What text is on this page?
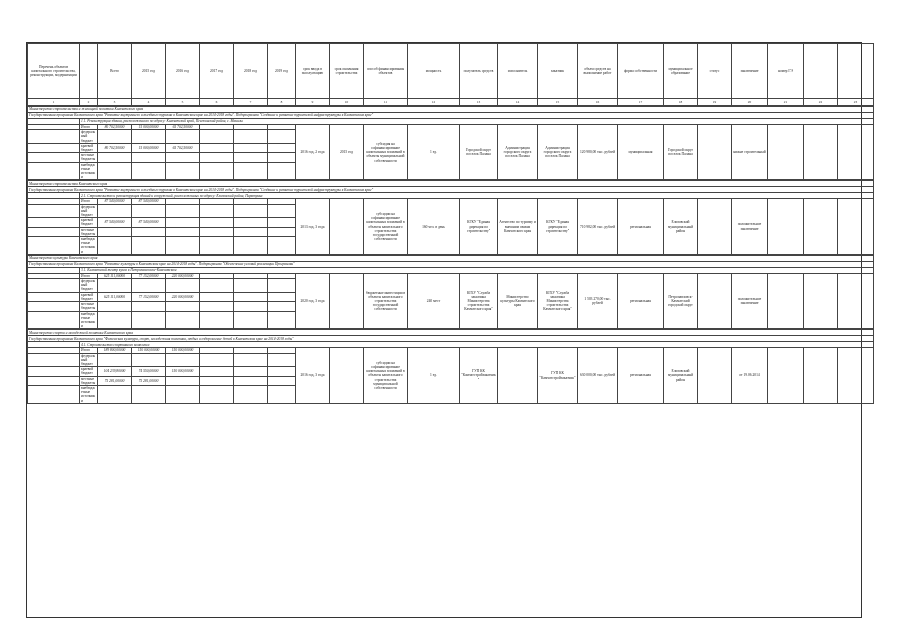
Перечень объектов капитального строительства, реконструкции, модернизации		Всего	2015 год	2016 год	2017 год	2018 год	2019 год	срок ввода в эксплуатацию	срок окончания строительства	способ финансирования объектов	мощность	получатель средств	исполнитель	заказчик	объем средств на выполнение работ	форма собственности	муниципальное образование	статус	заключение	номер ГЭ		
1	2	3	4	5	6	7	8	9	10	11	12	13	14	15	16	17	18	19	20	21	22	23
Министерство строительства и жилищной политики Камчатского края																						
Государственная программа Камчатского края "Развитие внутреннего и въездного туризма в Камчатском крае на 2014-2018 годы". Подпрограмма "Создание и развитие туристской инфраструктуры в Камчатском крае"																						
	1.1. Реконструкция здания, расположенного по адресу: Камчатский край, Пенжинский район, с. Манилы																					
	Итого	80 702,50000	15 000,00000	65 702,50000				2016 год, 2 года	2015 год	субсидия на софинансирование капитальных вложений в объекты муниципальной собственности	1 ед.	Городской округ поселок Палана	Администрация городского округа поселок Палана	Администрация городского округа поселок Палана	120 980,00 тыс. рублей	муниципальная	Городской округ поселок Палана		нижне строительный			
	федеральный бюджет																					
	краевой бюджет	80 702,50000	15 000,00000	65 702,50000																		
	местные бюджеты																					
	внебюджетные источники																					
Министерство строительства Камчатского края																						
Государственная программа Камчатского края "Развитие внутреннего и въездного туризма в Камчатском крае на 2014-2018 годы". Подпрограмма "Создание и развитие туристской инфраструктуры в Камчатском крае"																						
	2.1. Строительство и реконструкция зданий и сооружений, расположенных по адресу: Елизовский район, Паратунка																					
	Итого	87 540,00000	87 540,00000					2013 год, 3 года		субсидии на софинансирование капитальных вложений в объекты капитального строительства государственной собственности	160 чел. в день	КГКУ "Единая дирекция по строительству"	Агентство по туризму и внешним связям Камчатского края	КГКУ "Единая дирекция по строительству"	710 982,00 тыс. рублей	региональная	Елизовский муниципальный район		положительное заключение			
	федеральный бюджет																					
	краевой бюджет	87 540,00000	87 540,00000																			
	местные бюджеты																					
	внебюджетные источники																					
Министерство культуры Камчатского края																						
Государственная программа Камчатского края "Развитие культуры в Камчатском крае на 2014-2018 годы". Подпрограмма "Обеспечение условий реализации Программы"																						
	3.1. Камчатский театр кукол в Петропавловске-Камчатском																					
	Итого	625 111,00000	77 152,00000	220 000,00000				2020 год, 3 года		бюджетные инвестиции в объекты капитального строительства государственной собственности	240 мест	КГБУ "Служба заказчика Министерства строительства Камчатского края"	Министерство культуры Камчатского края	КГБУ "Служба заказчика Министерства строительства Камчатского края"	1 503 270,00 тыс. рублей	региональная	Петропавловск-Камчатский городской округ		положительное заключение			
	федеральный бюджет																					
	краевой бюджет	625 111,00000	77 152,00000	220 000,00000																		
	местные бюджеты																					
	внебюджетные источники																					
Министерство спорта и молодежной политики Камчатского края																						
Государственная программа Камчатского края "Физическая культура, спорт, молодежная политика, отдых и оздоровление детей в Камчатском крае на 2014-2018 годы"																						
	4.1. Строительство спортивного комплекса																					
	Итого	189 800,00000	150 000,00000	150 000,00000				2016 год, 3 года		субсидии на софинансирование капитальных вложений в объекты капитального строительства муниципальной собственности	1 ед.	ГУП КК "Камчатстройзаказчик"		ГУП КК "Камчатстройзаказчик"	630 000,00 тыс. рублей	региональная	Елизовский муниципальный район		от 19.06.2014			
	федеральный бюджет																					
	краевой бюджет	104 239,80000	74 550,00000	150 000,00000																		
	местные бюджеты	75 281,00000	75 281,00000																			
	внебюджетные источники																					
